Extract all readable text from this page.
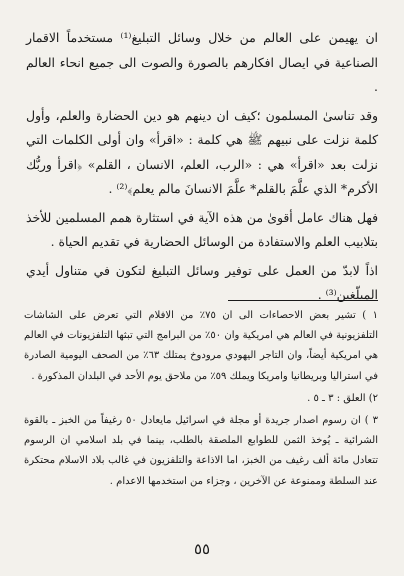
ان يهيمن على العالم من خلال وسائل التبليغ⁽¹⁾ مستخدماً الاقمار الصناعية في ايصال افكارهم بالصورة والصوت الى جميع انحاء العالم .

وقد تناسىٰ المسلمون ؛كيف ان دينهم هو دين الحضارة والعلم، وأول كلمة نزلت على نبيهم ﷺ هي كلمة : «اقرأ» وان أولى الكلمات التي نزلت بعد «اقرأ» هي : «الرب، العلم، الانسان ، القلم» ﴿اقرأ وربُّك الأكرم* الذي علَّمَ بالقلم* علَّمَ الانسانَ مالم يعلم﴾⁽²⁾ .

فهل هناك عامل أقوىٰ من هذه الآية في استثارة همم المسلمين للأخذ بتلابيب العلم والاستفادة من الوسائل الحضارية في تقديم الحياة .

اذاً لابدّ من العمل على توفير وسائل التبليغ لتكون في متناول أيدي المبلّغين⁽³⁾ .

١ ) تشير بعض الاحصاءات الى ان ٧٥٪ من الافلام التي تعرض على الشاشات التلفزيونية في العالم هي امريكية وان ٥٠٪ من البرامج التي تبثها التلفزيونات في العالم هي امريكية أيضاً، وان التاجر اليهودي مرودوخ يمتلك ٦٣٪ من الصحف اليومية الصادرة في استراليا وبريطانيا وامريكا ويملك ٥٩٪ من ملاحق يوم الأحد في البلدان المذكورة .

٢) العلق : ٣ ـ ٥ .

٣ ) ان رسوم اصدار جريدة أو مجلة في اسرائيل مايعادل ٥٠ رغيفاً من الخبز ـ بالقوة الشرائية ـ يُوخذ الثمن للطوابع الملصقة بالطلب، بينما في بلد اسلامي ان الرسوم تتعادل مائة ألف رغيف من الخبز، اما الاذاعة والتلفزيون في غالب بلاد الاسلام محتكرة عند السلطة وممنوعة عن الآخرين ، وجزاء من استخدمها الاعدام .

٥٥
